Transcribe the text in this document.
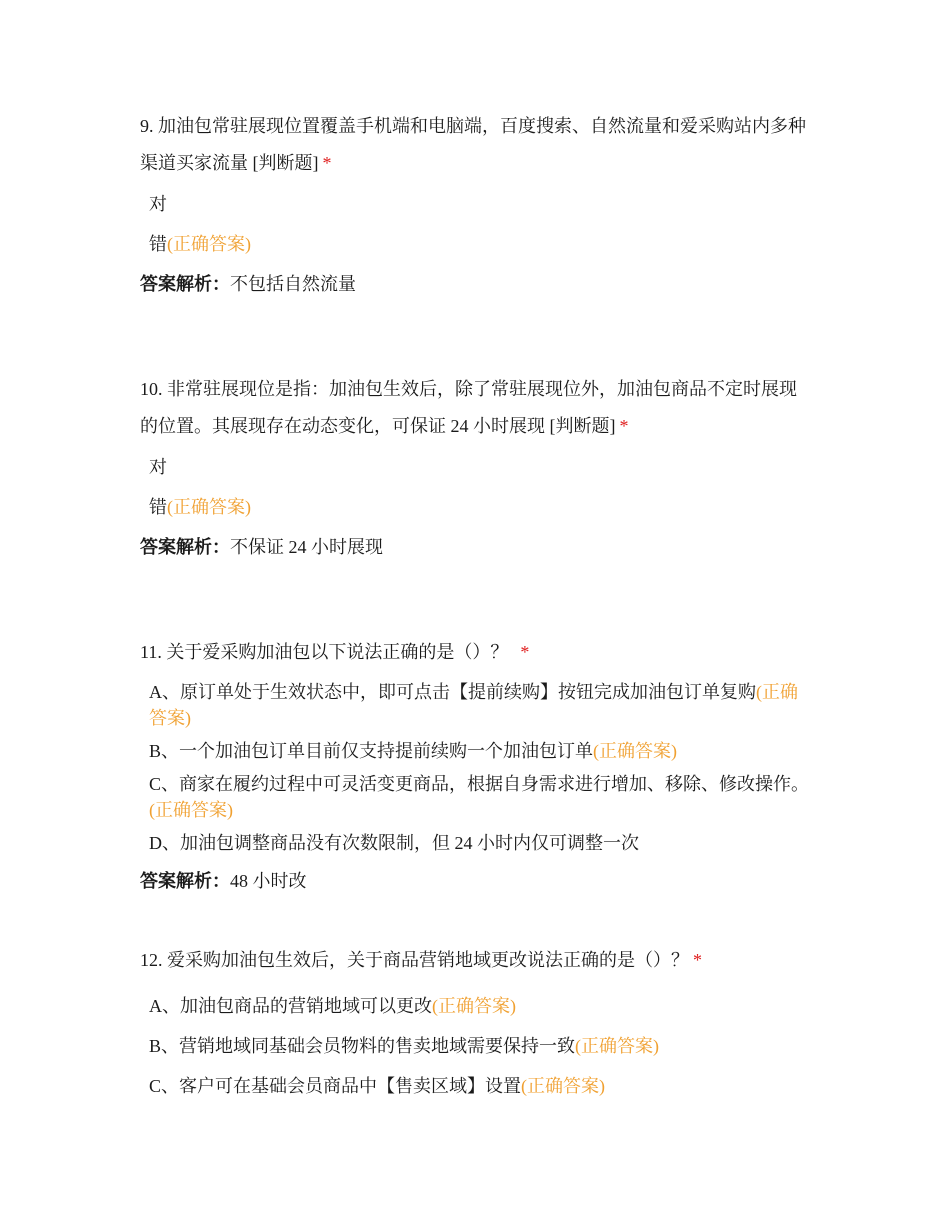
9. 加油包常驻展现位置覆盖手机端和电脑端，百度搜索、自然流量和爱采购站内多种渠道买家流量 [判断题] *

对

错(正确答案)

答案解析：不包括自然流量

10. 非常驻展现位是指：加油包生效后，除了常驻展现位外，加油包商品不定时展现的位置。其展现存在动态变化，可保证 24 小时展现 [判断题] *

对

错(正确答案)

答案解析：不保证 24 小时展现

11. 关于爱采购加油包以下说法正确的是（）？ *

A、原订单处于生效状态中，即可点击【提前续购】按钮完成加油包订单复购(正确答案)

B、一个加油包订单目前仅支持提前续购一个加油包订单(正确答案)

C、商家在履约过程中可灵活变更商品，根据自身需求进行增加、移除、修改操作。(正确答案)

D、加油包调整商品没有次数限制，但 24 小时内仅可调整一次

答案解析：48 小时改

12. 爱采购加油包生效后，关于商品营销地域更改说法正确的是（）？ *

A、加油包商品的营销地域可以更改(正确答案)

B、营销地域同基础会员物料的售卖地域需要保持一致(正确答案)

C、客户可在基础会员商品中【售卖区域】设置(正确答案)
